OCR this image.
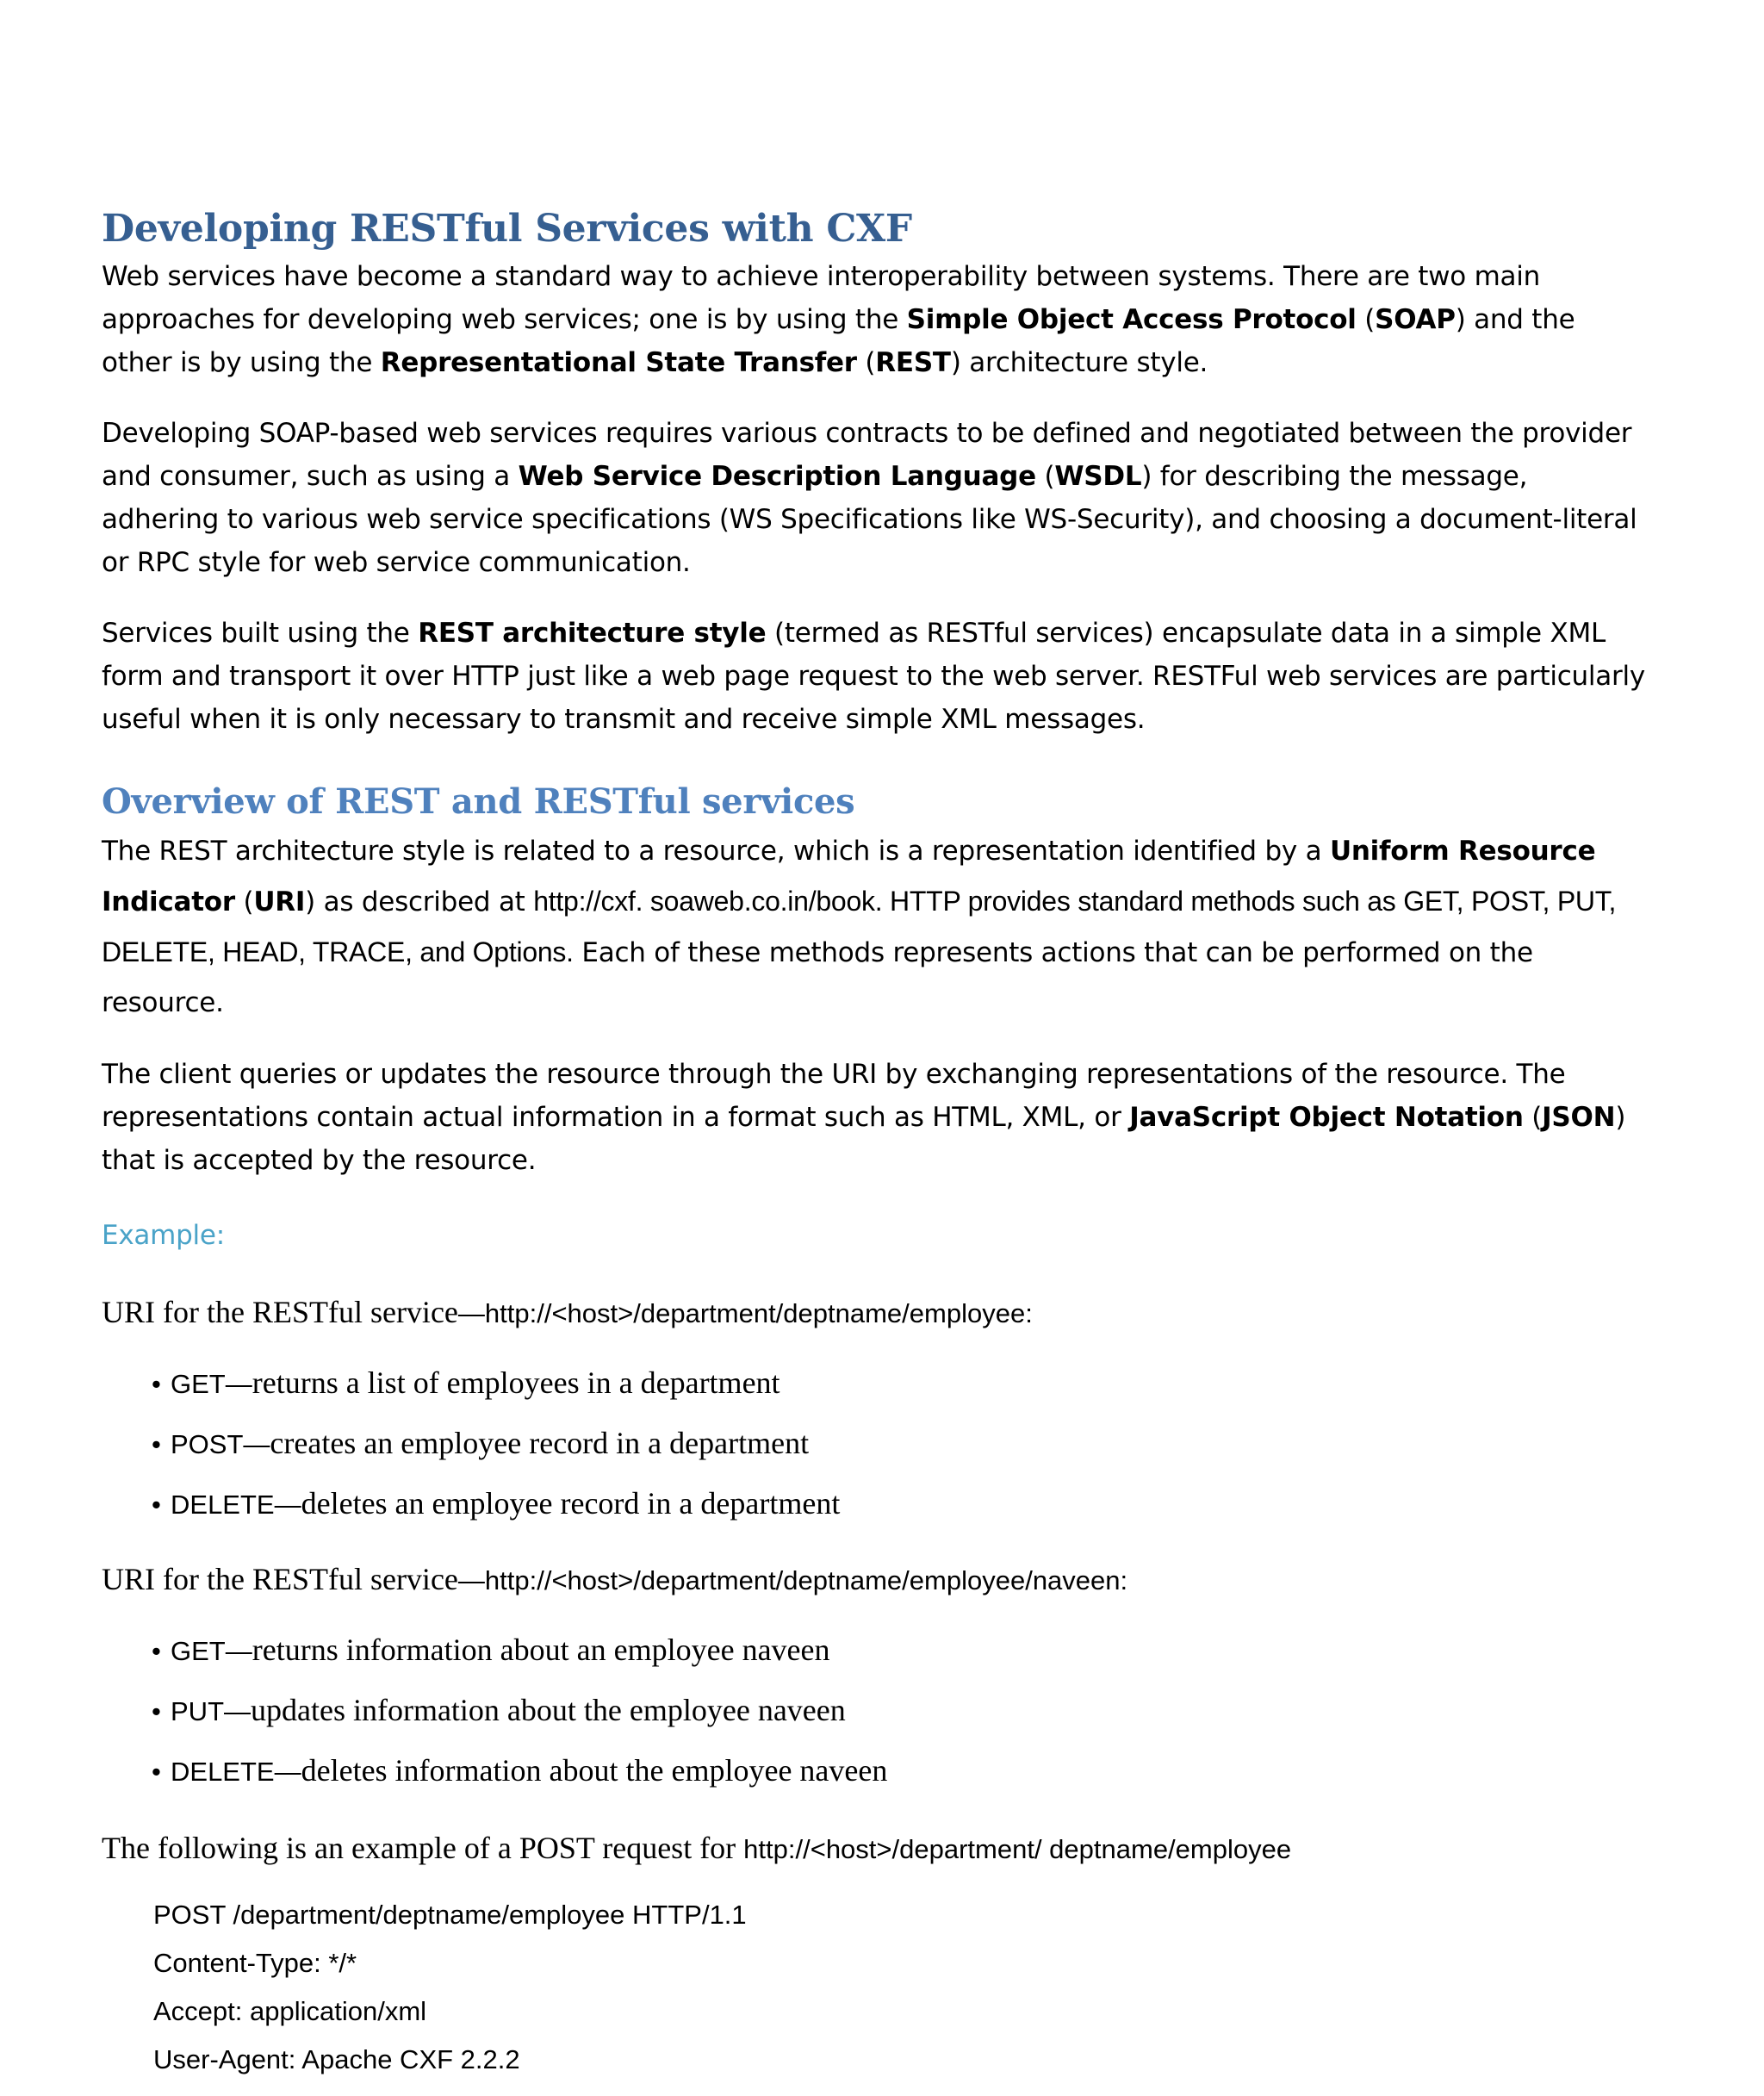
Developing RESTful Services with CXF

Web services have become a standard way to achieve interoperability between systems. There are two main approaches for developing web services; one is by using the Simple Object Access Protocol (SOAP) and the other is by using the Representational State Transfer (REST) architecture style.

Developing SOAP-based web services requires various contracts to be defined and negotiated between the provider and consumer, such as using a Web Service Description Language (WSDL) for describing the message, adhering to various web service specifications (WS Specifications like WS-Security), and choosing a document-literal or RPC style for web service communication.

Services built using the REST architecture style (termed as RESTful services) encapsulate data in a simple XML form and transport it over HTTP just like a web page request to the web server. RESTFul web services are particularly useful when it is only necessary to transmit and receive simple XML messages.

Overview of REST and RESTful services

The REST architecture style is related to a resource, which is a representation identified by a Uniform Resource Indicator (URI) as described at http://cxf. soaweb.co.in/book. HTTP provides standard methods such as GET, POST, PUT, DELETE, HEAD, TRACE, and Options. Each of these methods represents actions that can be performed on the resource.

The client queries or updates the resource through the URI by exchanging representations of the resource. The representations contain actual information in a format such as HTML, XML, or JavaScript Object Notation (JSON) that is accepted by the resource.

Example:

URI for the RESTful service—http://<host>/department/deptname/employee:

• GET—returns a list of employees in a department
• POST—creates an employee record in a department
• DELETE—deletes an employee record in a department

URI for the RESTful service—http://<host>/department/deptname/employee/naveen:

• GET—returns information about an employee naveen
• PUT—updates information about the employee naveen
• DELETE—deletes information about the employee naveen

The following is an example of a POST request for http://<host>/department/ deptname/employee

POST /department/deptname/employee HTTP/1.1
Content-Type: */*
Accept: application/xml
User-Agent: Apache CXF 2.2.2
